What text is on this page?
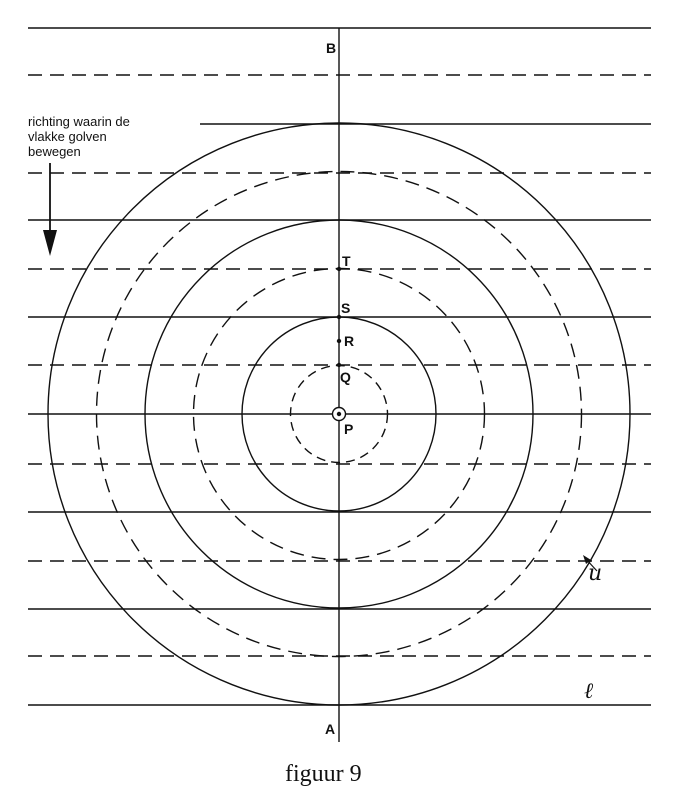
B
T
S
R
Q
P
A
richting waarin de
vlakke golven
bewegen
u
ℓ
figuur 9
